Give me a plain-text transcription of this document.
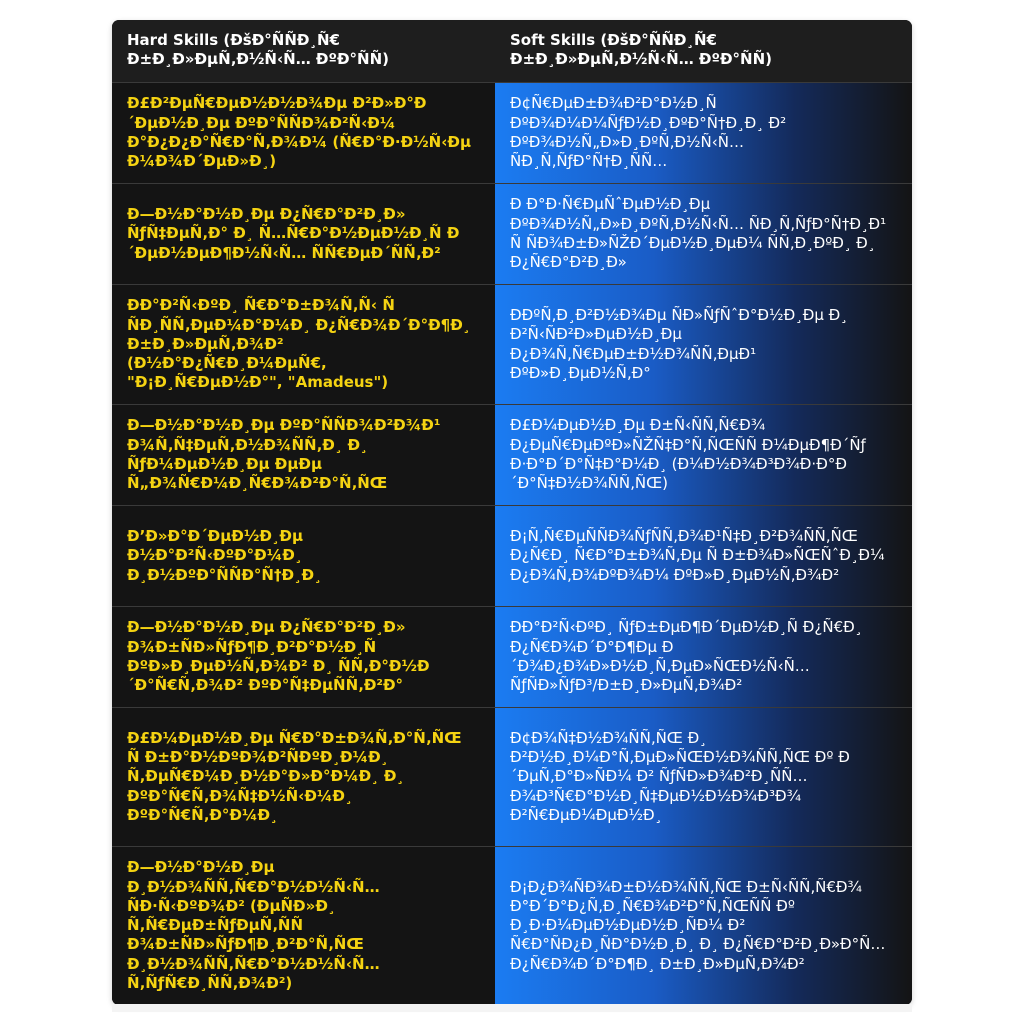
Hard Skills (ÐšÐ°ÑÑÐ¸Ñ€ Ð±Ð¸Ð»ÐµÑ‚Ð½Ñ‹Ñ… ÐºÐ°ÑÑ)	Soft Skills (ÐšÐ°ÑÑÐ¸Ñ€ Ð±Ð¸Ð»ÐµÑ‚Ð½Ñ‹Ñ… ÐºÐ°ÑÑ)
Ð£Ð²ÐµÑ€ÐµÐ½Ð½Ð¾Ðµ Ð²Ð»Ð°Ð´ÐµÐ½Ð¸Ðµ ÐºÐ°ÑÑÐ¾Ð²Ñ‹Ð¼ Ð°Ð¿Ð¿Ð°Ñ€Ð°Ñ‚Ð¾Ð¼ (Ñ€Ð°Ð·Ð½Ñ‹Ðµ Ð¼Ð¾Ð´ÐµÐ»Ð¸)	Ð¢Ñ€ÐµÐ±Ð¾Ð²Ð°Ð½Ð¸Ñ ÐºÐ¾Ð¼Ð¼ÑƒÐ½Ð¸ÐºÐ°Ñ†Ð¸Ð¸ Ð² ÐºÐ¾Ð½Ñ„Ð»Ð¸ÐºÑ‚Ð½Ñ‹Ñ… ÑÐ¸Ñ‚ÑƒÐ°Ñ†Ð¸ÑÑ…
Ð—Ð½Ð°Ð½Ð¸Ðµ Ð¿Ñ€Ð°Ð²Ð¸Ð» ÑƒÑ‡ÐµÑ‚Ð° Ð¸ Ñ…Ñ€Ð°Ð½ÐµÐ½Ð¸Ñ Ð´ÐµÐ½ÐµÐ¶Ð½Ñ‹Ñ… ÑÑ€ÐµÐ´ÑÑ‚Ð²	Ð Ð°Ð·Ñ€ÐµÑˆÐµÐ½Ð¸Ðµ ÐºÐ¾Ð½Ñ„Ð»Ð¸ÐºÑ‚Ð½Ñ‹Ñ… ÑÐ¸Ñ‚ÑƒÐ°Ñ†Ð¸Ð¹ Ñ ÑÐ¾Ð±Ð»ÑŽÐ´ÐµÐ½Ð¸ÐµÐ¼ ÑÑ‚Ð¸ÐºÐ¸ Ð¸ Ð¿Ñ€Ð°Ð²Ð¸Ð»
ÐÐ°Ð²Ñ‹ÐºÐ¸ Ñ€Ð°Ð±Ð¾Ñ‚Ñ‹ Ñ ÑÐ¸ÑÑ‚ÐµÐ¼Ð°Ð¼Ð¸ Ð¿Ñ€Ð¾Ð´Ð°Ð¶Ð¸ Ð±Ð¸Ð»ÐµÑ‚Ð¾Ð² (Ð½Ð°Ð¿Ñ€Ð¸Ð¼ÐµÑ€, "Ð¡Ð¸Ñ€ÐµÐ½Ð°", "Amadeus")	ÐÐºÑ‚Ð¸Ð²Ð½Ð¾Ðµ ÑÐ»ÑƒÑˆÐ°Ð½Ð¸Ðµ Ð¸ Ð²Ñ‹ÑÐ²Ð»ÐµÐ½Ð¸Ðµ Ð¿Ð¾Ñ‚Ñ€ÐµÐ±Ð½Ð¾ÑÑ‚ÐµÐ¹ ÐºÐ»Ð¸ÐµÐ½Ñ‚Ð°
Ð—Ð½Ð°Ð½Ð¸Ðµ ÐºÐ°ÑÑÐ¾Ð²Ð¾Ð¹ Ð¾Ñ‚Ñ‡ÐµÑ‚Ð½Ð¾ÑÑ‚Ð¸ Ð¸ ÑƒÐ¼ÐµÐ½Ð¸Ðµ ÐµÐµ Ñ„Ð¾Ñ€Ð¼Ð¸Ñ€Ð¾Ð²Ð°Ñ‚ÑŒ	Ð£Ð¼ÐµÐ½Ð¸Ðµ Ð±Ñ‹ÑÑ‚Ñ€Ð¾ Ð¿ÐµÑ€ÐµÐºÐ»ÑŽÑ‡Ð°Ñ‚ÑŒÑÑ Ð¼ÐµÐ¶Ð´Ñƒ Ð·Ð°Ð´Ð°Ñ‡Ð°Ð¼Ð¸ (Ð¼Ð½Ð¾Ð³Ð¾Ð·Ð°Ð´Ð°Ñ‡Ð½Ð¾ÑÑ‚ÑŒ)
Ð’Ð»Ð°Ð´ÐµÐ½Ð¸Ðµ Ð½Ð°Ð²Ñ‹ÐºÐ°Ð¼Ð¸ Ð¸Ð½ÐºÐ°ÑÑÐ°Ñ†Ð¸Ð¸	Ð¡Ñ‚Ñ€ÐµÑÑÐ¾ÑƒÑÑ‚Ð¾Ð¹Ñ‡Ð¸Ð²Ð¾ÑÑ‚ÑŒ Ð¿Ñ€Ð¸ Ñ€Ð°Ð±Ð¾Ñ‚Ðµ Ñ Ð±Ð¾Ð»ÑŒÑˆÐ¸Ð¼ Ð¿Ð¾Ñ‚Ð¾ÐºÐ¾Ð¼ ÐºÐ»Ð¸ÐµÐ½Ñ‚Ð¾Ð²
Ð—Ð½Ð°Ð½Ð¸Ðµ Ð¿Ñ€Ð°Ð²Ð¸Ð» Ð¾Ð±ÑÐ»ÑƒÐ¶Ð¸Ð²Ð°Ð½Ð¸Ñ ÐºÐ»Ð¸ÐµÐ½Ñ‚Ð¾Ð² Ð¸ ÑÑ‚Ð°Ð½Ð´Ð°Ñ€Ñ‚Ð¾Ð² ÐºÐ°Ñ‡ÐµÑÑ‚Ð²Ð°	ÐÐ°Ð²Ñ‹ÐºÐ¸ ÑƒÐ±ÐµÐ¶Ð´ÐµÐ½Ð¸Ñ Ð¿Ñ€Ð¸ Ð¿Ñ€Ð¾Ð´Ð°Ð¶Ðµ Ð´Ð¾Ð¿Ð¾Ð»Ð½Ð¸Ñ‚ÐµÐ»ÑŒÐ½Ñ‹Ñ… ÑƒÑÐ»ÑƒÐ³/Ð±Ð¸Ð»ÐµÑ‚Ð¾Ð²
Ð£Ð¼ÐµÐ½Ð¸Ðµ Ñ€Ð°Ð±Ð¾Ñ‚Ð°Ñ‚ÑŒ Ñ Ð±Ð°Ð½ÐºÐ¾Ð²ÑÐºÐ¸Ð¼Ð¸ Ñ‚ÐµÑ€Ð¼Ð¸Ð½Ð°Ð»Ð°Ð¼Ð¸ Ð¸ ÐºÐ°Ñ€Ñ‚Ð¾Ñ‡Ð½Ñ‹Ð¼Ð¸ ÐºÐ°Ñ€Ñ‚Ð°Ð¼Ð¸	Ð¢Ð¾Ñ‡Ð½Ð¾ÑÑ‚ÑŒ Ð¸ Ð²Ð½Ð¸Ð¼Ð°Ñ‚ÐµÐ»ÑŒÐ½Ð¾ÑÑ‚ÑŒ Ðº Ð´ÐµÑ‚Ð°Ð»ÑÐ¼ Ð² ÑƒÑÐ»Ð¾Ð²Ð¸ÑÑ… Ð¾Ð³Ñ€Ð°Ð½Ð¸Ñ‡ÐµÐ½Ð½Ð¾Ð³Ð¾ Ð²Ñ€ÐµÐ¼ÐµÐ½Ð¸
Ð—Ð½Ð°Ð½Ð¸Ðµ Ð¸Ð½Ð¾ÑÑ‚Ñ€Ð°Ð½Ð½Ñ‹Ñ… ÑÐ·Ñ‹ÐºÐ¾Ð² (ÐµÑÐ»Ð¸ Ñ‚Ñ€ÐµÐ±ÑƒÐµÑ‚ÑÑ Ð¾Ð±ÑÐ»ÑƒÐ¶Ð¸Ð²Ð°Ñ‚ÑŒ Ð¸Ð½Ð¾ÑÑ‚Ñ€Ð°Ð½Ð½Ñ‹Ñ… Ñ‚ÑƒÑ€Ð¸ÑÑ‚Ð¾Ð²)	Ð¡Ð¿Ð¾ÑÐ¾Ð±Ð½Ð¾ÑÑ‚ÑŒ Ð±Ñ‹ÑÑ‚Ñ€Ð¾ Ð°Ð´Ð°Ð¿Ñ‚Ð¸Ñ€Ð¾Ð²Ð°Ñ‚ÑŒÑÑ Ðº Ð¸Ð·Ð¼ÐµÐ½ÐµÐ½Ð¸ÑÐ¼ Ð² Ñ€Ð°ÑÐ¿Ð¸ÑÐ°Ð½Ð¸Ð¸ Ð¸ Ð¿Ñ€Ð°Ð²Ð¸Ð»Ð°Ñ… Ð¿Ñ€Ð¾Ð´Ð°Ð¶Ð¸ Ð±Ð¸Ð»ÐµÑ‚Ð¾Ð²
